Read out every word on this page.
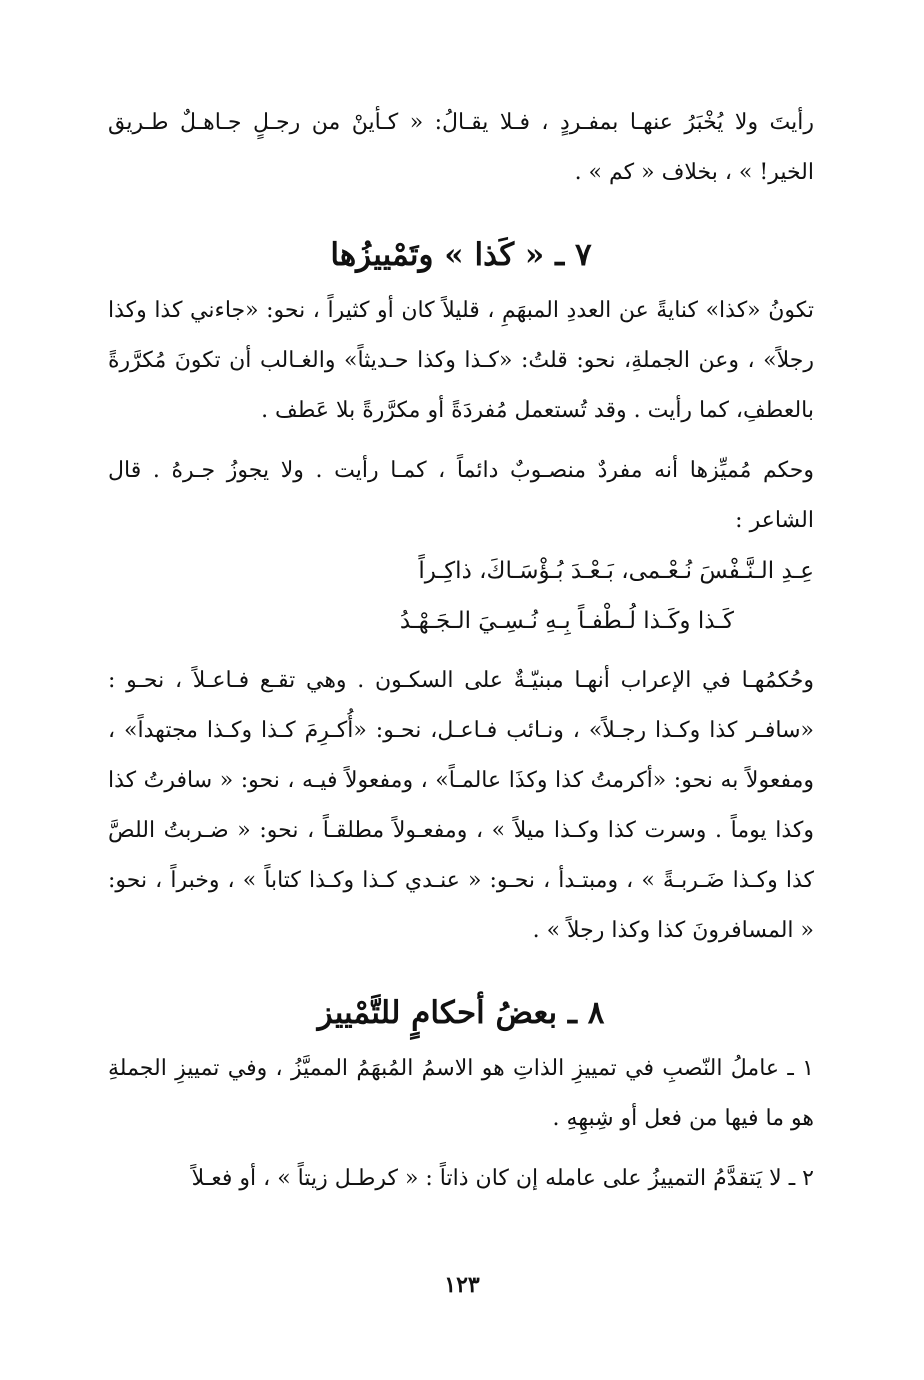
رأيتَ ولا يُخْبَرُ عنهـا بمفـردٍ ، فـلا يقـالُ: « كـأينْ من رجـلٍ جـاهـلٌ طـريق الخير! » ، بخلاف « كم » .

٧ ـ « كَذا » وتَمْييزُها

تكونُ «كذا» كنايةً عن العددِ المبهَمِ ، قليلاً كان أو كثيراً ، نحو: «جاءني كذا وكذا رجلاً» ، وعن الجملةِ، نحو: قلتُ: «كـذا وكذا حـديثاً» والغـالب أن تكونَ مُكرَّرةً بالعطفِ، كما رأيت . وقد تُستعمل مُفردَةً أو مكرَّرةً بلا عَطف .

وحكم مُميِّزها أنه مفردٌ منصـوبٌ دائماً ، كمـا رأيت . ولا يجوزُ جـرهُ . قال الشاعر :

عِـدِ الـنَّـفْسَ نُـعْـمى، بَـعْـدَ بُـؤْسَـاكَ، ذاكِـراً

كَـذا وكَـذا لُـطْفـاً بِـهِ نُـسِـيَ الـجَـهْـدُ

وحُكمُهـا في الإعراب أنهـا مبنيّـةٌ على السكـون . وهي تقـع فـاعـلاً ، نحـو : «سافـر كذا وكـذا رجـلاً» ، ونـائب فـاعـل، نحـو: «أُكـرِمَ كـذا وكـذا مجتهداً» ، ومفعولاً به نحو: «أكرمتُ كذا وكذَا عالمـاً» ، ومفعولاً فيـه ، نحو: « سافرتُ كذا وكذا يوماً . وسرت كذا وكـذا ميلاً » ، ومفعـولاً مطلقـاً ، نحو: « ضـربتُ اللصَّ كذا وكـذا ضَـربـةً » ، ومبتـدأ ، نحـو: « عنـدي كـذا وكـذا كتاباً » ، وخبراً ، نحو: « المسافرونَ كذا وكذا رجلاً » .

٨ ـ بعضُ أحكامٍ للتَّمْييز

١ ـ عاملُ النّصبِ في تمييزِ الذاتِ هو الاسمُ المُبهَمُ المميَّزُ ، وفي تمييزِ الجملةِ هو ما فيها من فعل أو شِبهِهِ .

٢ ـ لا يَتقدَّمُ التمييزُ على عامله إن كان ذاتاً : « كرطـل زيتاً » ، أو فعـلاً

١٢٣
